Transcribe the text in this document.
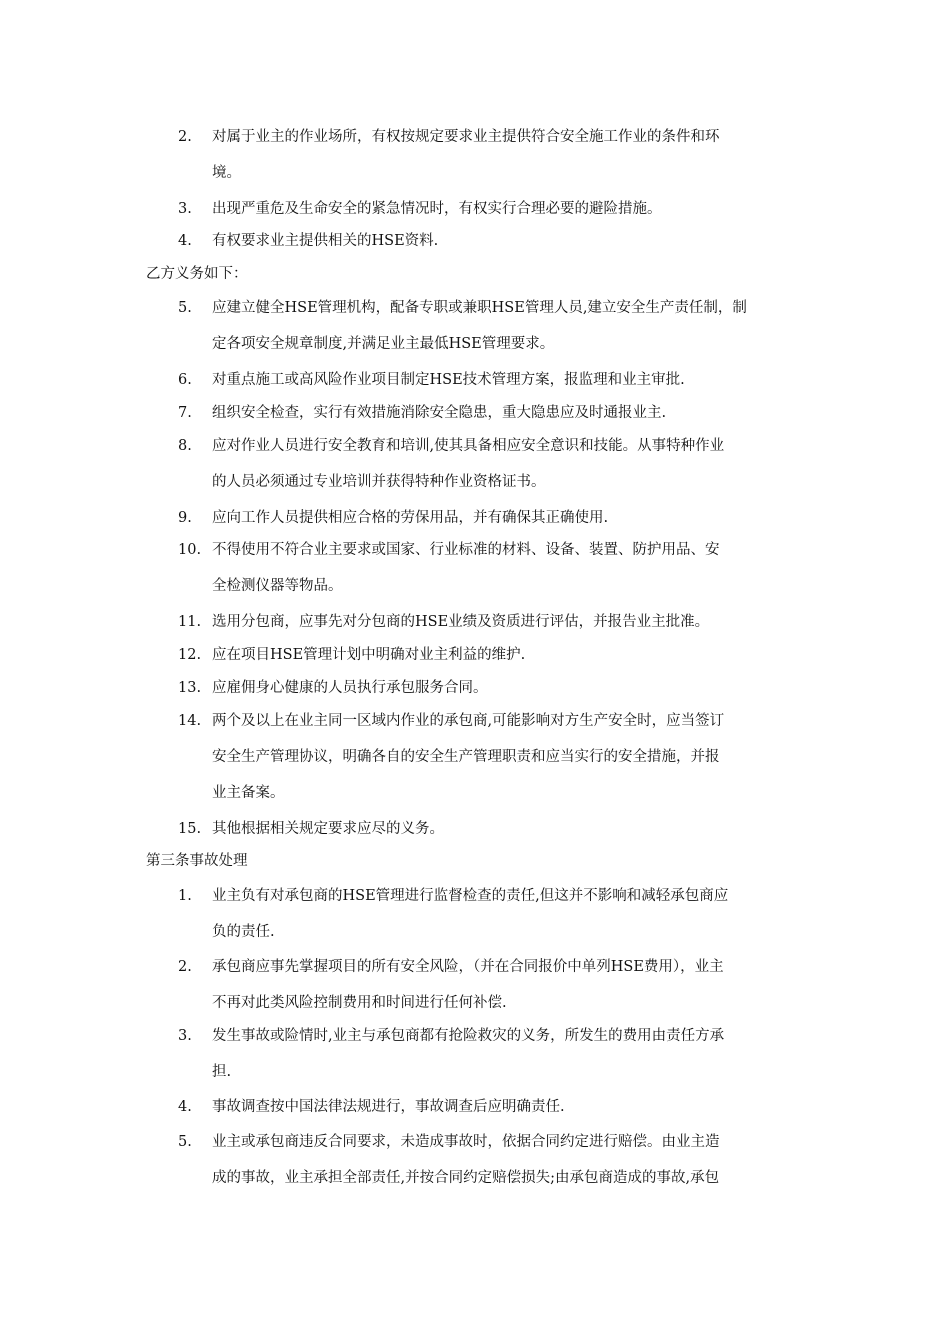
2. 对属于业主的作业场所，有权按规定要求业主提供符合安全施工作业的条件和环
境。
3. 出现严重危及生命安全的紧急情况时，有权实行合理必要的避险措施。
4. 有权要求业主提供相关的HSE资料.
乙方义务如下：
5. 应建立健全HSE管理机构，配备专职或兼职HSE管理人员,建立安全生产责任制，制
定各项安全规章制度,并满足业主最低HSE管理要求。
6. 对重点施工或高风险作业项目制定HSE技术管理方案，报监理和业主审批.
7. 组织安全检查，实行有效措施消除安全隐患，重大隐患应及时通报业主.
8. 应对作业人员进行安全教育和培训,使其具备相应安全意识和技能。从事特种作业
的人员必须通过专业培训并获得特种作业资格证书。
9. 应向工作人员提供相应合格的劳保用品，并有确保其正确使用.
10. 不得使用不符合业主要求或国家、行业标准的材料、设备、装置、防护用品、安
全检测仪器等物品。
11. 选用分包商，应事先对分包商的HSE业绩及资质进行评估，并报告业主批准。
12. 应在项目HSE管理计划中明确对业主利益的维护.
13. 应雇佣身心健康的人员执行承包服务合同。
14. 两个及以上在业主同一区域内作业的承包商,可能影响对方生产安全时，应当签订
安全生产管理协议，明确各自的安全生产管理职责和应当实行的安全措施，并报
业主备案。
15. 其他根据相关规定要求应尽的义务。
第三条事故处理
1. 业主负有对承包商的HSE管理进行监督检查的责任,但这并不影响和减轻承包商应
负的责任.
2. 承包商应事先掌握项目的所有安全风险，（并在合同报价中单列HSE费用），业主
不再对此类风险控制费用和时间进行任何补偿.
3. 发生事故或险情时,业主与承包商都有抢险救灾的义务，所发生的费用由责任方承
担.
4. 事故调查按中国法律法规进行，事故调查后应明确责任.
5. 业主或承包商违反合同要求，未造成事故时，依据合同约定进行赔偿。由业主造
成的事故，业主承担全部责任,并按合同约定赔偿损失;由承包商造成的事故,承包
